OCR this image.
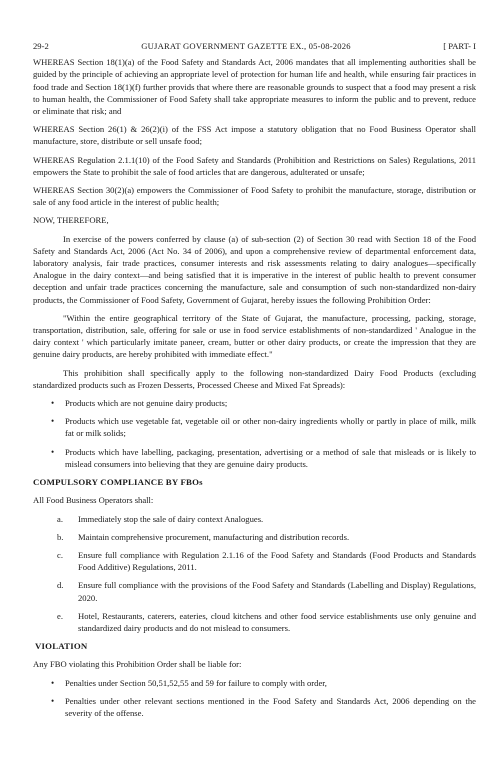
29-2	GUJARAT GOVERNMENT GAZETTE EX., 05-08-2026	[ PART- I

WHEREAS Section 18(1)(a) of the Food Safety and Standards Act, 2006 mandates that all implementing authorities shall be guided by the principle of achieving an appropriate level of protection for human life and health, while ensuring fair practices in food trade and Section 18(1)(f) further provids that where there are reasonable grounds to suspect that a food may present a risk to human health, the Commissioner of Food Safety shall take appropriate measures to inform the public and to prevent, reduce or eliminate that risk; and

WHEREAS Section 26(1) & 26(2)(i) of the FSS Act impose a statutory obligation that no Food Business Operator shall manufacture, store, distribute or sell unsafe food;

WHEREAS Regulation 2.1.1(10) of the Food Safety and Standards (Prohibition and Restrictions on Sales) Regulations, 2011 empowers the State to prohibit the sale of food articles that are dangerous, adulterated or unsafe;

WHEREAS Section 30(2)(a) empowers the Commissioner of Food Safety to prohibit the manufacture, storage, distribution or sale of any food article in the interest of public health;

NOW, THEREFORE,

In exercise of the powers conferred by clause (a) of sub-section (2) of Section 30 read with Section 18 of the Food Safety and Standards Act, 2006 (Act No. 34 of 2006), and upon a comprehensive review of departmental enforcement data, laboratory analysis, fair trade practices, consumer interests and risk assessments relating to dairy analogues—specifically Analogue in the dairy context—and being satisfied that it is imperative in the interest of public health to prevent consumer deception and unfair trade practices concerning the manufacture, sale and consumption of such non-standardized non-dairy products, the Commissioner of Food Safety, Government of Gujarat, hereby issues the following Prohibition Order:

"Within the entire geographical territory of the State of Gujarat, the manufacture, processing, packing, storage, transportation, distribution, sale, offering for sale or use in food service establishments of non-standardized ' Analogue in the dairy context ' which particularly imitate paneer, cream, butter or other dairy products, or create the impression that they are genuine dairy products, are hereby prohibited with immediate effect."

This prohibition shall specifically apply to the following non-standardized Dairy Food Products (excluding standardized products such as Frozen Desserts, Processed Cheese and Mixed Fat Spreads):

• Products which are not genuine dairy products;
• Products which use vegetable fat, vegetable oil or other non-dairy ingredients wholly or partly in place of milk, milk fat or milk solids;
• Products which have labelling, packaging, presentation, advertising or a method of sale that misleads or is likely to mislead consumers into believing that they are genuine dairy products.
COMPULSORY COMPLIANCE BY FBOs

All Food Business Operators shall:

a. Immediately stop the sale of dairy context Analogues.
b. Maintain comprehensive procurement, manufacturing and distribution records.
c. Ensure full compliance with Regulation 2.1.16 of the Food Safety and Standards (Food Products and Standards Food Additive) Regulations, 2011.
d. Ensure full compliance with the provisions of the Food Safety and Standards (Labelling and Display) Regulations, 2020.
e. Hotel, Restaurants, caterers, eateries, cloud kitchens and other food service establishments use only genuine and standardized dairy products and do not mislead to consumers.
VIOLATION

Any FBO violating this Prohibition Order shall be liable for:

• Penalties under Section 50,51,52,55 and 59 for failure to comply with order,
• Penalties under other relevant sections mentioned in the Food Safety and Standards Act, 2006 depending on the severity of the offense.
